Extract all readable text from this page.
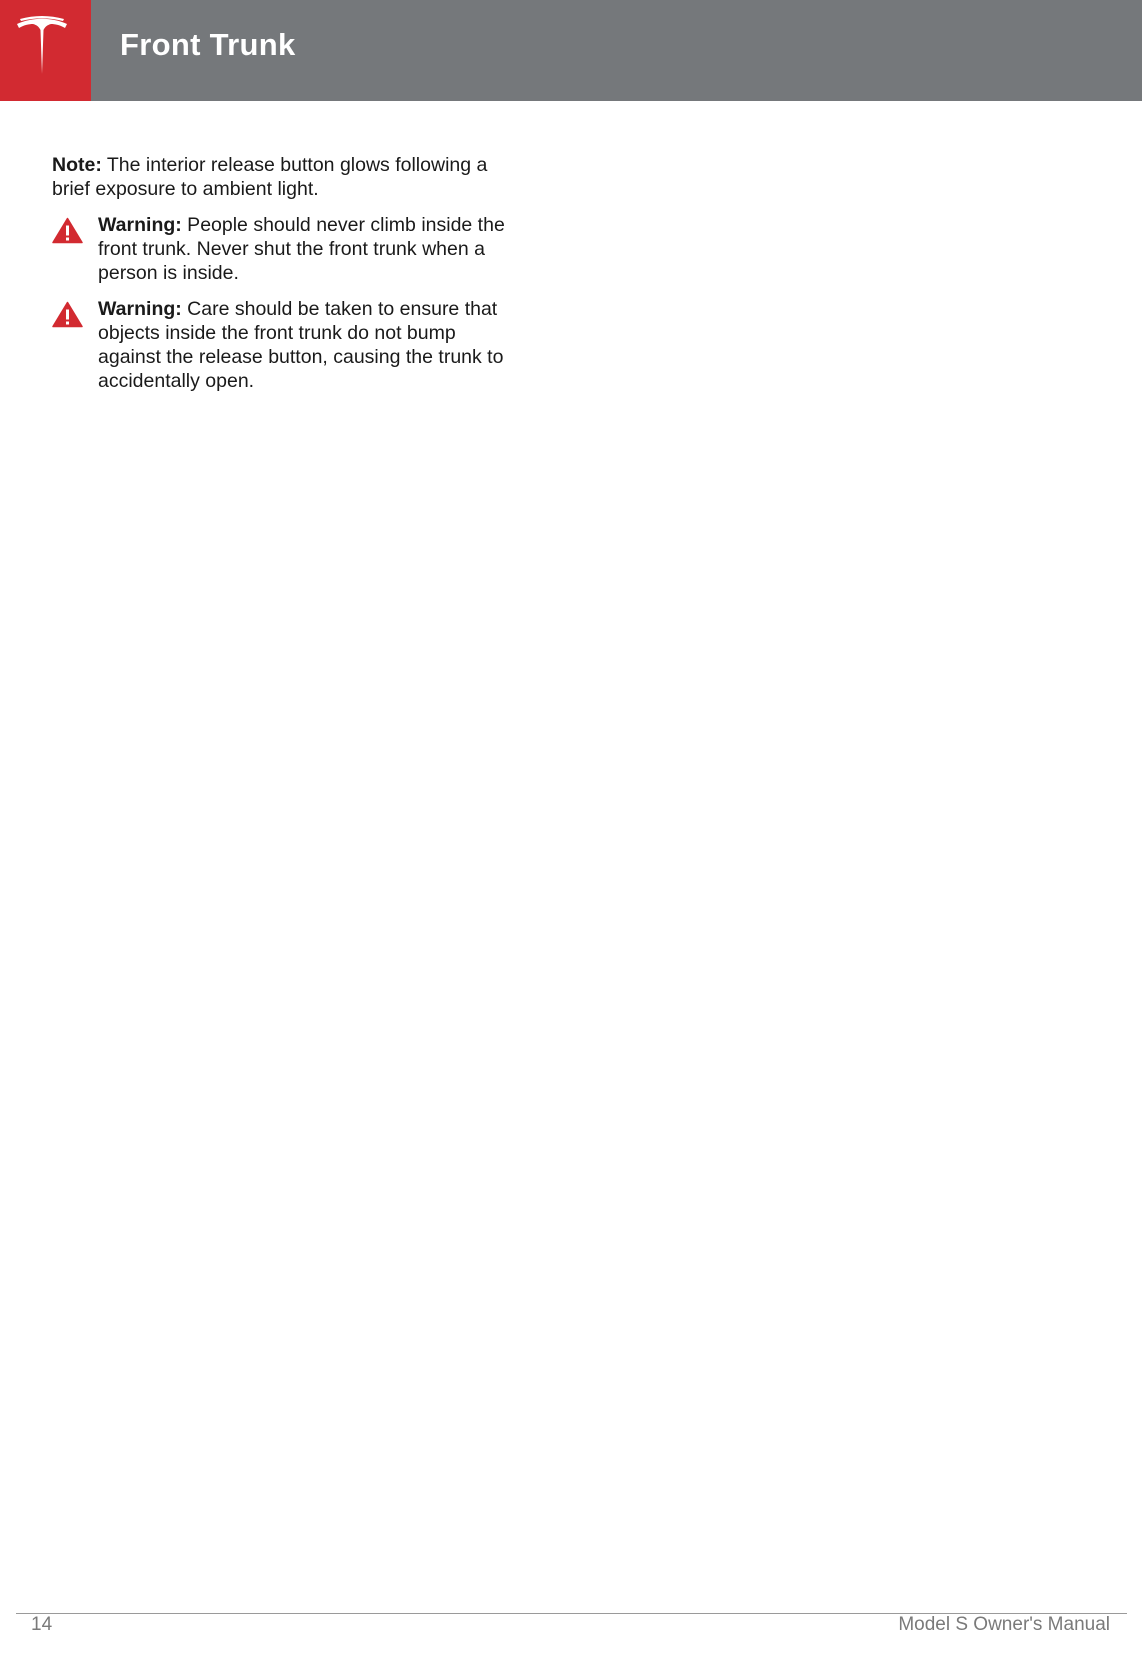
Front Trunk

Note: The interior release button glows following a brief exposure to ambient light.

Warning: People should never climb inside the front trunk. Never shut the front trunk when a person is inside.
Warning: Care should be taken to ensure that objects inside the front trunk do not bump against the release button, causing the trunk to accidentally open.
14	Model S Owner's Manual
